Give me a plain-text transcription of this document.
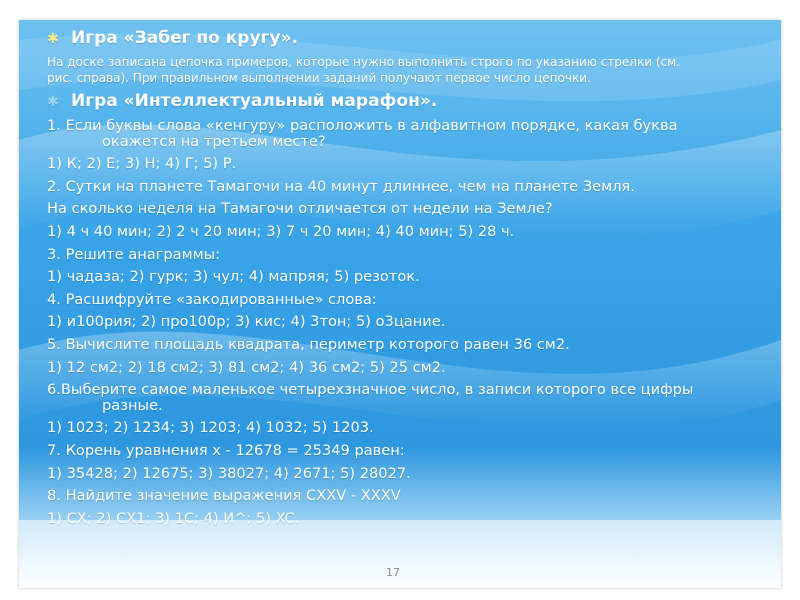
✱ Игра «Забег по кругу».
На доске записана цепочка примеров, которые нужно выполнить строго по указанию стрелки (см.
рис. справа). При правильном выполнении заданий получают первое число цепочки.
✱ Игра «Интеллектуальный марафон».
1. Если буквы слова «кенгуру» расположить в алфавитном порядке, какая буква
окажется на третьем месте?
1) К; 2) Е; 3) Н; 4) Г; 5) Р.
2. Сутки на планете Тамагочи на 40 минут длиннее, чем на планете Земля.
На сколько неделя на Тамагочи отличается от недели на Земле?
1) 4 ч 40 мин; 2) 2 ч 20 мин; 3) 7 ч 20 мин; 4) 40 мин; 5) 28 ч.
3. Решите анаграммы:
1) чадаза; 2) гурк; 3) чул; 4) мапряя; 5) резоток.
4. Расшифруйте «закодированные» слова:
1) и100рия; 2) про100р; 3) кис; 4) 3тон; 5) о3цание.
5. Вычислите площадь квадрата, периметр которого равен 36 см2.
1) 12 см2; 2) 18 см2; 3) 81 см2; 4) 36 см2; 5) 25 см2.
6.Выберите самое маленькое четырехзначное число, в записи которого все цифры
разные.
1) 1023; 2) 1234; 3) 1203; 4) 1032; 5) 1203.
7. Корень уравнения х - 12678 = 25349 равен:
1) 35428; 2) 12675; 3) 38027; 4) 2671; 5) 28027.
8. Найдите значение выражения CXXV - XXXV
1) CX; 2) CX1; 3) 1C; 4) И^; 5) XC.
17
